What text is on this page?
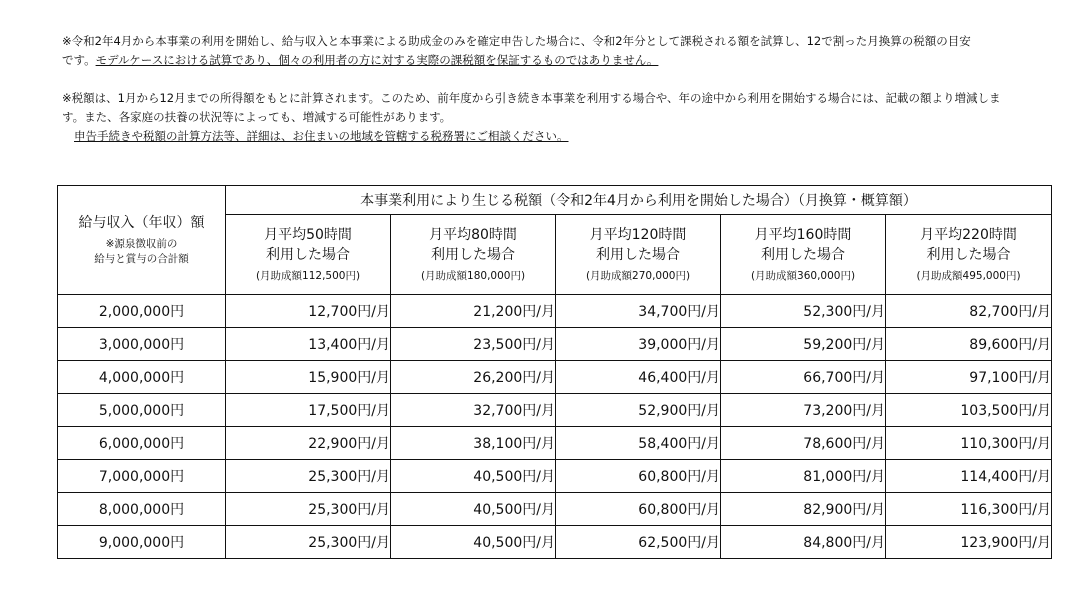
※令和2年4月から本事業の利用を開始し、給与収入と本事業による助成金のみを確定申告した場合に、令和2年分として課税される額を試算し、12で割った月換算の税額の目安

です。モデルケースにおける試算であり、個々の利用者の方に対する実際の課税額を保証するものではありません。

※税額は、1月から12月までの所得額をもとに計算されます。このため、前年度から引き続き本事業を利用する場合や、年の途中から利用を開始する場合には、記載の額より増減しま

す。また、各家庭の扶養の状況等によっても、増減する可能性があります。

申告手続きや税額の計算方法等、詳細は、お住まいの地域を管轄する税務署にご相談ください。

給与収入（年収）額
※源泉徴収前の
給与と賞与の合計額	本事業利用により生じる税額（令和2年4月から利用を開始した場合）（月換算・概算額）				

	月平均50時間
利用した場合
(月助成額112,500円)	月平均80時間
利用した場合
(月助成額180,000円)	月平均120時間
利用した場合
(月助成額270,000円)	月平均160時間
利用した場合
(月助成額360,000円)	月平均220時間
利用した場合
(月助成額495,000円)

2,000,000円	12,700円/月	21,200円/月	34,700円/月	52,300円/月	82,700円/月
3,000,000円	13,400円/月	23,500円/月	39,000円/月	59,200円/月	89,600円/月
4,000,000円	15,900円/月	26,200円/月	46,400円/月	66,700円/月	97,100円/月
5,000,000円	17,500円/月	32,700円/月	52,900円/月	73,200円/月	103,500円/月
6,000,000円	22,900円/月	38,100円/月	58,400円/月	78,600円/月	110,300円/月
7,000,000円	25,300円/月	40,500円/月	60,800円/月	81,000円/月	114,400円/月
8,000,000円	25,300円/月	40,500円/月	60,800円/月	82,900円/月	116,300円/月
9,000,000円	25,300円/月	40,500円/月	62,500円/月	84,800円/月	123,900円/月
